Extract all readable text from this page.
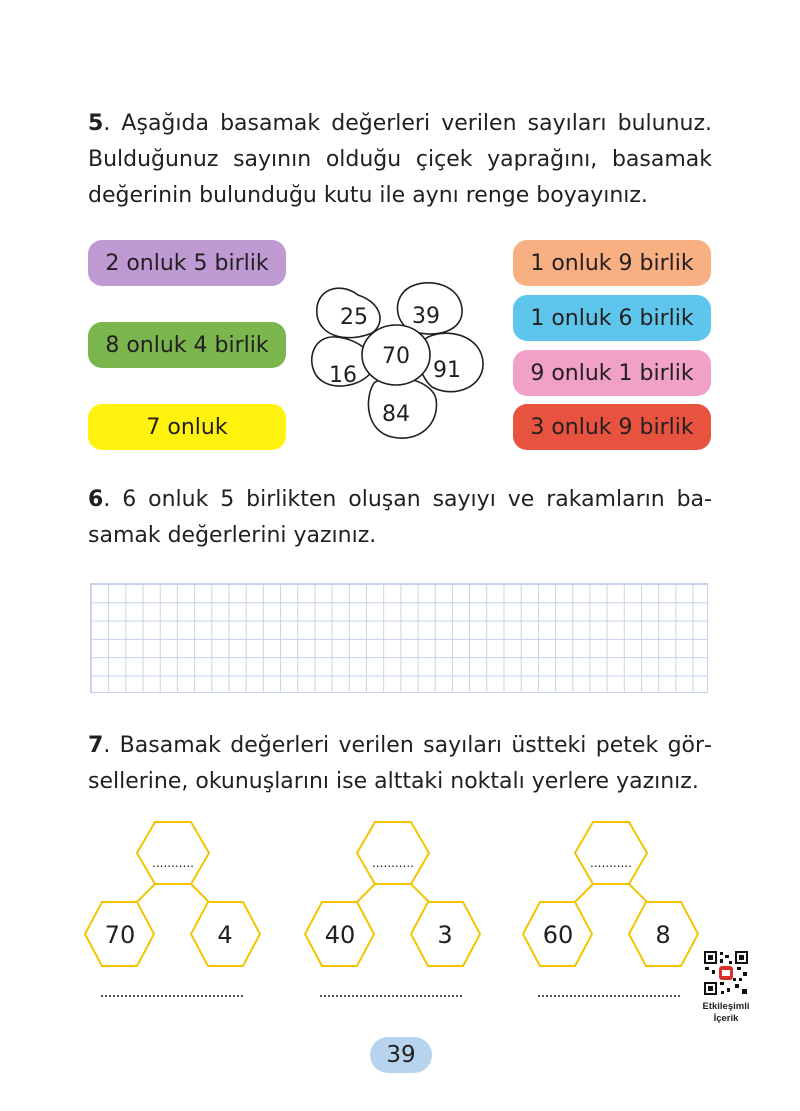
5. Aşağıda basamak değerleri verilen sayıları bulunuz. Bulduğunuz sayının olduğu çiçek yaprağını, basamak değerinin bulunduğu kutu ile aynı renge boyayınız.

2 onluk 5 birlik
8 onluk 4 birlik
7 onluk
1 onluk 9 birlik
1 onluk 6 birlik
9 onluk 1 birlik
3 onluk 9 birlik
25 39
70
16	91
84

6. 6 onluk 5 birlikten oluşan sayıyı ve rakamların basamak değerlerini yazınız.

7. Basamak değerleri verilen sayıları üstteki petek görsellerine, okunuşlarını ise alttaki noktalı yerlere yazınız.

...........
70	4
...........
40	3
...........
60	8
Etkileşimli
İçerik
39
